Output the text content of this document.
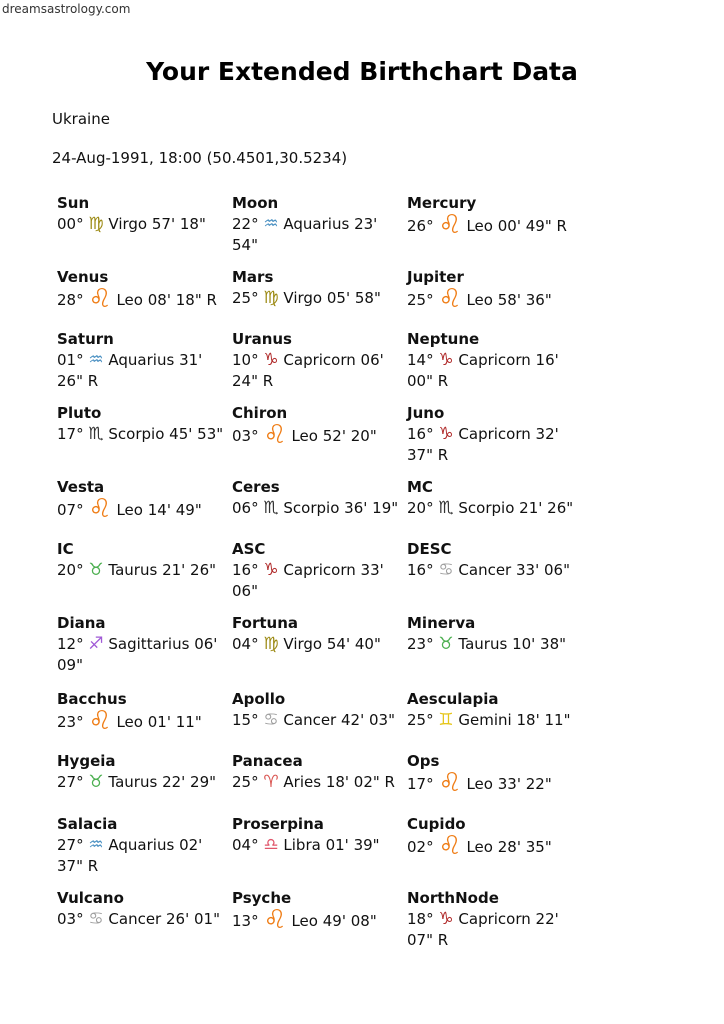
dreamsastrology.com
Your Extended Birthchart Data
Ukraine
24-Aug-1991, 18:00 (50.4501,30.5234)
Sun
00° ♍︎ Virgo 57' 18"
Moon
22° ♒︎ Aquarius 23' 54"
Mercury
26° ♌︎ Leo 00' 49" R
Venus
28° ♌︎ Leo 08' 18" R
Mars
25° ♍︎ Virgo 05' 58"
Jupiter
25° ♌︎ Leo 58' 36"
Saturn
01° ♒︎ Aquarius 31' 26" R
Uranus
10° ♑︎ Capricorn 06' 24" R
Neptune
14° ♑︎ Capricorn 16' 00" R
Pluto
17° ♏︎ Scorpio 45' 53"
Chiron
03° ♌︎ Leo 52' 20"
Juno
16° ♑︎ Capricorn 32' 37" R
Vesta
07° ♌︎ Leo 14' 49"
Ceres
06° ♏︎ Scorpio 36' 19"
MC
20° ♏︎ Scorpio 21' 26"
IC
20° ♉︎ Taurus 21' 26"
ASC
16° ♑︎ Capricorn 33' 06"
DESC
16° ♋︎ Cancer 33' 06"
Diana
12° ♐︎ Sagittarius 06' 09"
Fortuna
04° ♍︎ Virgo 54' 40"
Minerva
23° ♉︎ Taurus 10' 38"
Bacchus
23° ♌︎ Leo 01' 11"
Apollo
15° ♋︎ Cancer 42' 03"
Aesculapia
25° ♊︎ Gemini 18' 11"
Hygeia
27° ♉︎ Taurus 22' 29"
Panacea
25° ♈︎ Aries 18' 02" R
Ops
17° ♌︎ Leo 33' 22"
Salacia
27° ♒︎ Aquarius 02' 37" R
Proserpina
04° ♎︎ Libra 01' 39"
Cupido
02° ♌︎ Leo 28' 35"
Vulcano
03° ♋︎ Cancer 26' 01"
Psyche
13° ♌︎ Leo 49' 08"
NorthNode
18° ♑︎ Capricorn 22' 07" R
